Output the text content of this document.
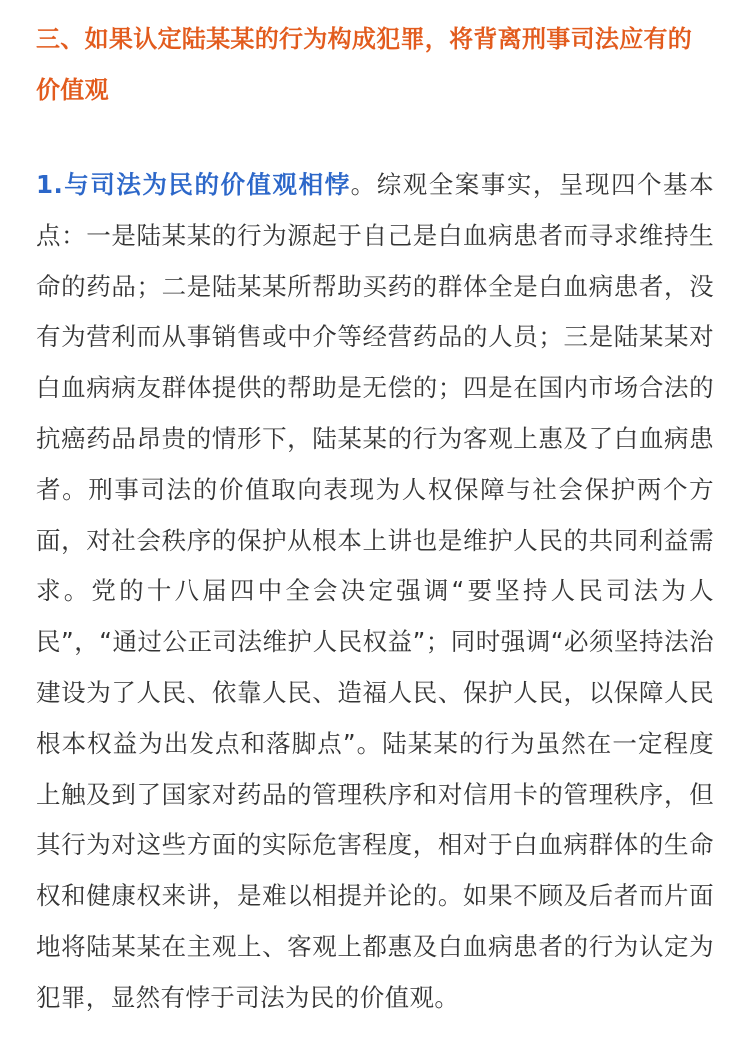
三、如果认定陆某某的行为构成犯罪，将背离刑事司法应有的价值观

1.与司法为民的价值观相悖。综观全案事实，呈现四个基本点：一是陆某某的行为源起于自己是白血病患者而寻求维持生命的药品；二是陆某某所帮助买药的群体全是白血病患者，没有为营利而从事销售或中介等经营药品的人员；三是陆某某对白血病病友群体提供的帮助是无偿的；四是在国内市场合法的抗癌药品昂贵的情形下，陆某某的行为客观上惠及了白血病患者。刑事司法的价值取向表现为人权保障与社会保护两个方面，对社会秩序的保护从根本上讲也是维护人民的共同利益需求。党的十八届四中全会决定强调“要坚持人民司法为人民”，“通过公正司法维护人民权益”；同时强调“必须坚持法治建设为了人民、依靠人民、造福人民、保护人民，以保障人民根本权益为出发点和落脚点”。陆某某的行为虽然在一定程度上触及到了国家对药品的管理秩序和对信用卡的管理秩序，但其行为对这些方面的实际危害程度，相对于白血病群体的生命权和健康权来讲，是难以相提并论的。如果不顾及后者而片面地将陆某某在主观上、客观上都惠及白血病患者的行为认定为犯罪，显然有悖于司法为民的价值观。
